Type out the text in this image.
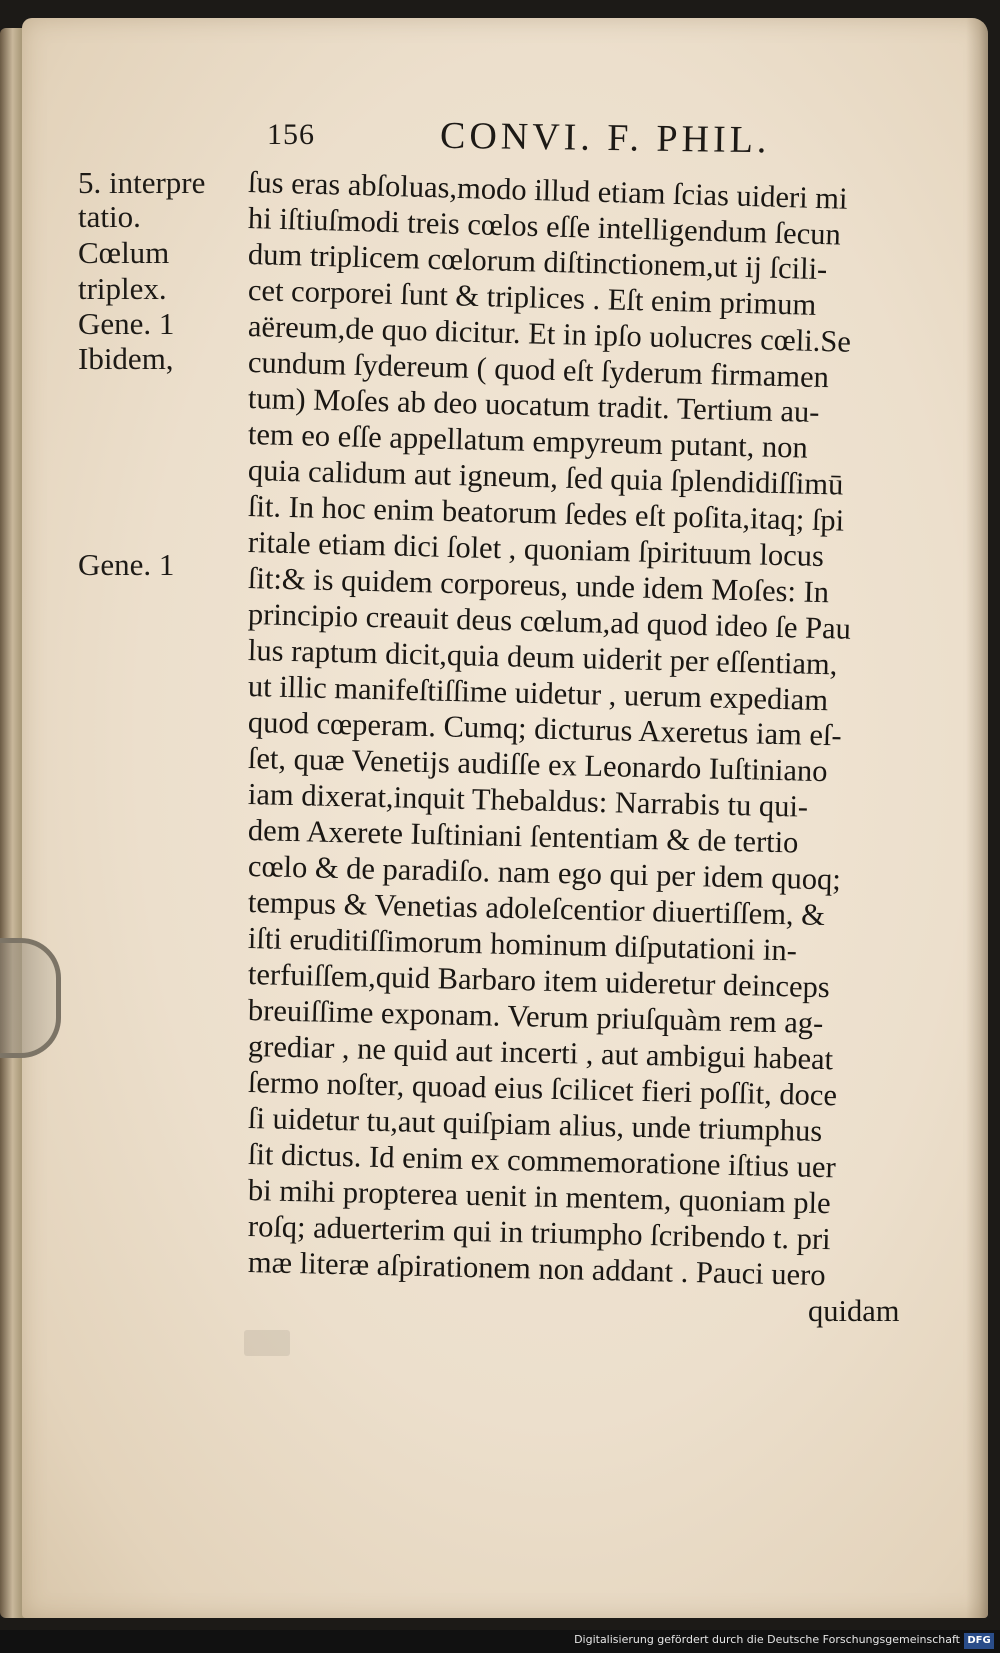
156	CONVI. F. PHIL.
5. interpre
tatio.
Cœlum
triplex.
Gene. 1
Ibidem,
Gene. 1
ſus eras abſoluas,modo illud etiam ſcias uideri mi
hi iſtiuſmodi treis cœlos eſſe intelligendum ſecun
dum triplicem cœlorum diſtinctionem,ut ij ſcili-
cet corporei ſunt & triplices . Eſt enim primum
aëreum,de quo dicitur. Et in ipſo uolucres cœli.Se
cundum ſydereum ( quod eſt ſyderum firmamen
tum) Moſes ab deo uocatum tradit. Tertium au-
tem eo eſſe appellatum empyreum putant, non
quia calidum aut igneum, ſed quia ſplendidiſſimū
ſit. In hoc enim beatorum ſedes eſt poſita,itaq; ſpi
ritale etiam dici ſolet , quoniam ſpirituum locus
ſit:& is quidem corporeus, unde idem Moſes: In
principio creauit deus cœlum,ad quod ideo ſe Pau
lus raptum dicit,quia deum uiderit per eſſentiam,
ut illic manifeſtiſſime uidetur , uerum expediam
quod cœperam. Cumq; dicturus Axeretus iam eſ-
ſet, quæ Venetijs audiſſe ex Leonardo Iuſtiniano
iam dixerat,inquit Thebaldus: Narrabis tu qui-
dem Axerete Iuſtiniani ſententiam & de tertio
cœlo & de paradiſo. nam ego qui per idem quoq;
tempus & Venetias adoleſcentior diuertiſſem, &
iſti eruditiſſimorum hominum diſputationi in-
terfuiſſem,quid Barbaro item uideretur deinceps
breuiſſime exponam. Verum priuſquàm rem ag-
grediar , ne quid aut incerti , aut ambigui habeat
ſermo noſter, quoad eius ſcilicet fieri poſſit, doce
ſi uidetur tu,aut quiſpiam alius, unde triumphus
ſit dictus. Id enim ex commemoratione iſtius uer
bi mihi propterea uenit in mentem, quoniam ple
roſq; aduerterim qui in triumpho ſcribendo t. pri
mæ literæ aſpirationem non addant . Pauci uero
quidam
Digitalisierung gefördert durch die Deutsche Forschungsgemeinschaft DFG
